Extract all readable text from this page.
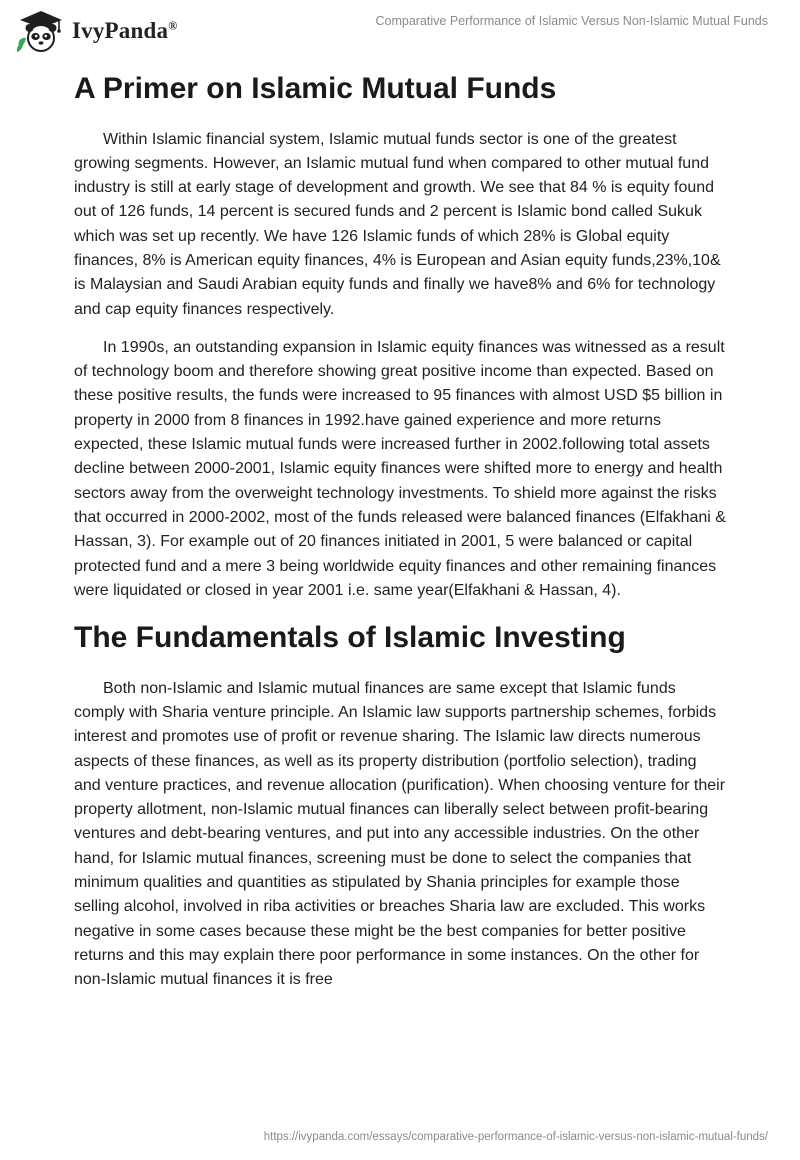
IvyPanda®	Comparative Performance of Islamic Versus Non-Islamic Mutual Funds
A Primer on Islamic Mutual Funds

Within Islamic financial system, Islamic mutual funds sector is one of the greatest growing segments. However, an Islamic mutual fund when compared to other mutual fund industry is still at early stage of development and growth. We see that 84 % is equity found out of 126 funds, 14 percent is secured funds and 2 percent is Islamic bond called Sukuk which was set up recently. We have 126 Islamic funds of which 28% is Global equity finances, 8% is American equity finances, 4% is European and Asian equity funds,23%,10& is Malaysian and Saudi Arabian equity funds and finally we have8% and 6% for technology and cap equity finances respectively.

In 1990s, an outstanding expansion in Islamic equity finances was witnessed as a result of technology boom and therefore showing great positive income than expected. Based on these positive results, the funds were increased to 95 finances with almost USD $5 billion in property in 2000 from 8 finances in 1992.have gained experience and more returns expected, these Islamic mutual funds were increased further in 2002.following total assets decline between 2000-2001, Islamic equity finances were shifted more to energy and health sectors away from the overweight technology investments. To shield more against the risks that occurred in 2000-2002, most of the funds released were balanced finances (Elfakhani & Hassan, 3). For example out of 20 finances initiated in 2001, 5 were balanced or capital protected fund and a mere 3 being worldwide equity finances and other remaining finances were liquidated or closed in year 2001 i.e. same year(Elfakhani & Hassan, 4).

The Fundamentals of Islamic Investing

Both non-Islamic and Islamic mutual finances are same except that Islamic funds comply with Sharia venture principle. An Islamic law supports partnership schemes, forbids interest and promotes use of profit or revenue sharing. The Islamic law directs numerous aspects of these finances, as well as its property distribution (portfolio selection), trading and venture practices, and revenue allocation (purification). When choosing venture for their property allotment, non-Islamic mutual finances can liberally select between profit-bearing ventures and debt-bearing ventures, and put into any accessible industries. On the other hand, for Islamic mutual finances, screening must be done to select the companies that minimum qualities and quantities as stipulated by Shania principles for example those selling alcohol, involved in riba activities or breaches Sharia law are excluded. This works negative in some cases because these might be the best companies for better positive returns and this may explain there poor performance in some instances. On the other for non-Islamic mutual finances it is free

https://ivypanda.com/essays/comparative-performance-of-islamic-versus-non-islamic-mutual-funds/
